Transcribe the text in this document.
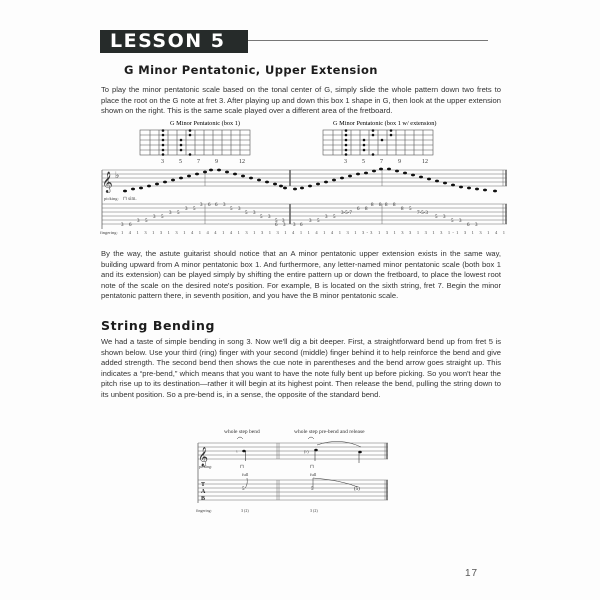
LESSON 5
G Minor Pentatonic, Upper Extension
To play the minor pentatonic scale based on the tonal center of G, simply slide the whole pattern down two frets to place the root on the G note at fret 3. After playing up and down this box 1 shape in G, then look at the upper extension shown on the right. This is the same scale played over a different area of the fretboard.
G Minor Pentatonic (box 1)
3	5	7	9	12
G Minor Pentatonic (box 1 w/ extension)
3	5	7	9	12
𝄞 ♭
picking: ⊓ sim.
3 6
3 5
3 5
3 5
3 5
3 6 6 3
5 3
5 3
5 3
5 3
6 3 3 6
3 5
3 5
3-5-7
6 8
8 8 8 8
8 5
7-5-3
5 3
5 3
6 3
fingering: 1 4 1 3 1 3 1 3 1 4 1 4 4 1 4 1 3 1 3 1 3 1 4 1 1 4 1 4 1 3 1 3-3 1 3 1 3 3 1 3 1 3 1-1 3 1 3 1 4 1
By the way, the astute guitarist should notice that an A minor pentatonic upper extension exists in the same way, building upward from A minor pentatonic box 1. And furthermore, any letter-named minor pentatonic scale (both box 1 and its extension) can be played simply by shifting the entire pattern up or down the fretboard, to place the lowest root note of the scale on the desired note's position. For example, B is located on the sixth string, fret 7. Begin the minor pentatonic pattern there, in seventh position, and you have the B minor pentatonic scale.
String Bending
We had a taste of simple bending in song 3. Now we'll dig a bit deeper. First, a straightforward bend up from fret 5 is shown below. Use your third (ring) finger with your second (middle) finger behind it to help reinforce the bend and give added strength. The second bend then shows the cue note in parentheses and the bend arrow goes straight up. This indicates a “pre-bend,” which means that you want to have the note fully bent up before picking. So you won't hear the pitch rise up to its destination—rather it will begin at its highest point. Then release the bend, pulling the string down to its unbent position. So a pre-bend is, in a sense, the opposite of the standard bend.
whole step bend	whole step pre-bend and release
𝄞	♮	(♭)
picking:	⊓	⊓
full	full
T
A
B
5	5	(5)
fingering:	3 (2)	3 (2)
17
